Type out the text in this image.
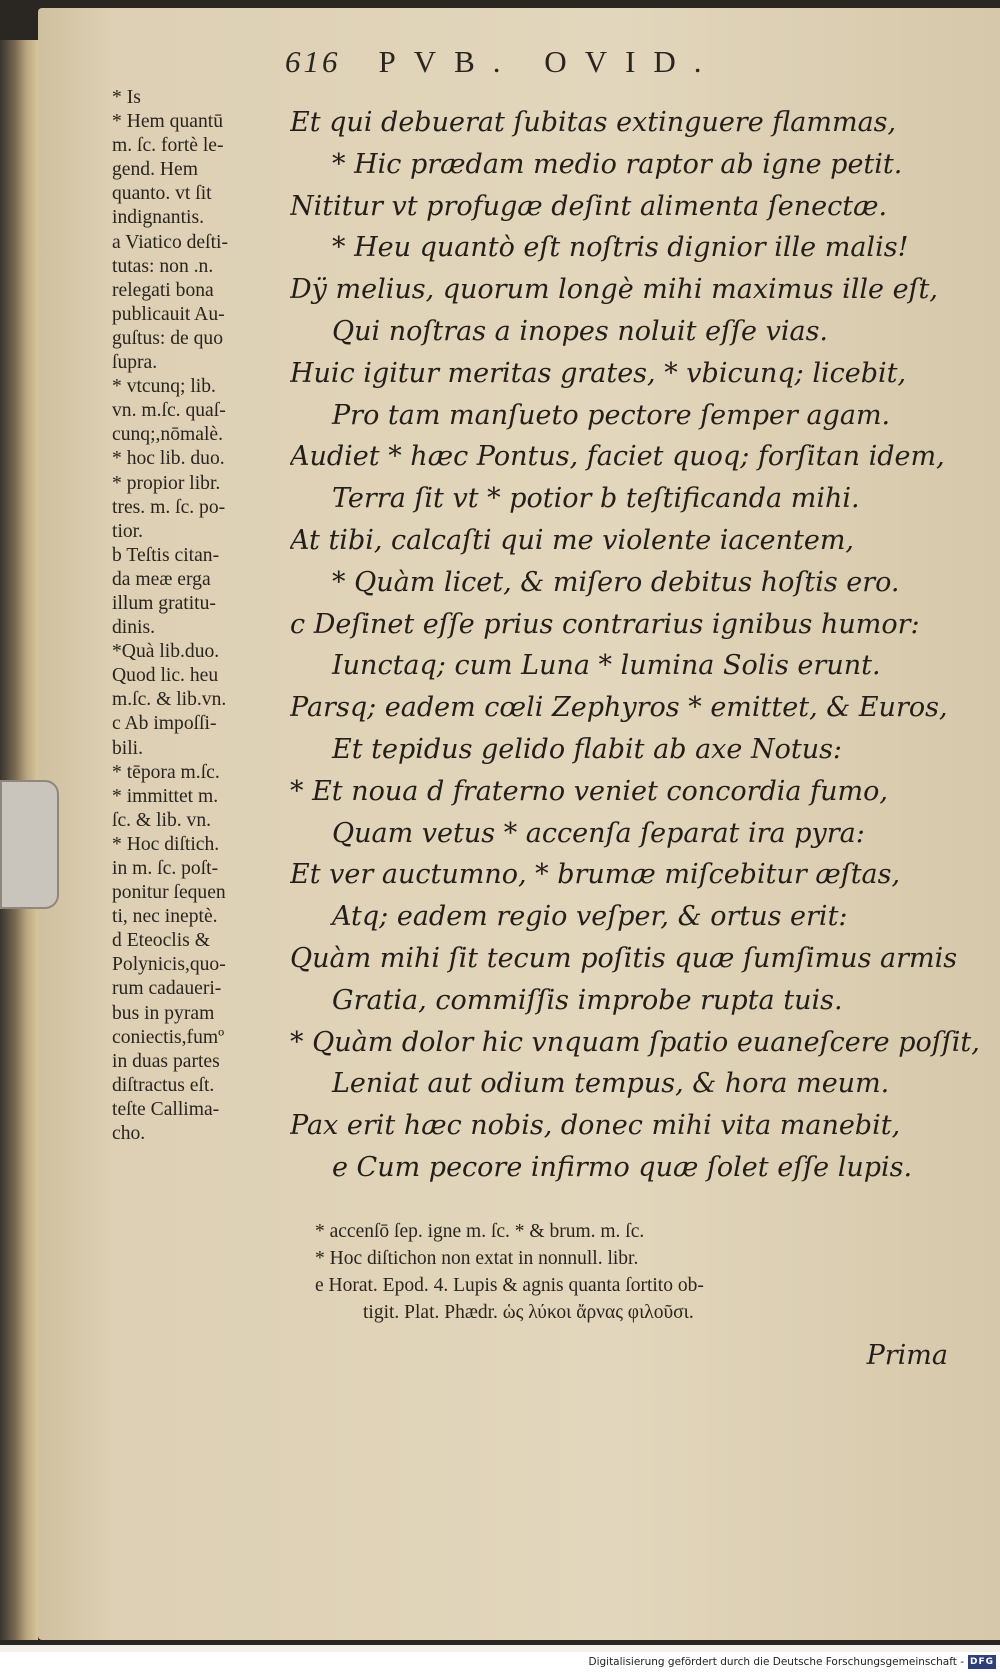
616 PVB. OVID.
* Is
* Hem quantū
m. ſc. fortè le-
gend. Hem
quanto. vt ſit
indignantis.
a Viatico deſti-
tutas: non .n.
relegati bona
publicauit Au-
guſtus: de quo
ſupra.
* vtcunq; lib.
vn. m.ſc. quaſ-
cunq;,nōmalè.
* hoc lib. duo.
* propior libr.
tres. m. ſc. po-
tior.
b Teſtis citan-
da meæ erga
illum gratitu-
dinis.
*Quà lib.duo.
Quod lic. heu
m.ſc. & lib.vn.
c Ab impoſſi-
bili.
* tēpora m.ſc.
* immittet m.
ſc. & lib. vn.
* Hoc diſtich.
in m. ſc. poſt-
ponitur ſequen
ti, nec ineptè.
d Eteoclis &
Polynicis,quo-
rum cadaueri-
bus in pyram
coniectis,fumº
in duas partes
diſtractus eſt.
teſte Callima-
cho.
Et qui debuerat ſubitas extinguere flammas,
* Hic prædam medio raptor ab igne petit.
Nititur vt profugæ deſint alimenta ſenectæ.
* Heu quantò eſt noſtris dignior ille malis!
Dÿ melius, quorum longè mihi maximus ille eſt,
Qui noſtras a inopes noluit eſſe vias.
Huic igitur meritas grates, * vbicunq; licebit,
Pro tam manſueto pectore ſemper agam.
Audiet * hæc Pontus, faciet quoq; forſitan idem,
Terra ſit vt * potior b teſtificanda mihi.
At tibi, calcaſti qui me violente iacentem,
* Quàm licet, & miſero debitus hoſtis ero.
c Deſinet eſſe prius contrarius ignibus humor:
Iunctaq; cum Luna * lumina Solis erunt.
Parsq; eadem cœli Zephyros * emittet, & Euros,
Et tepidus gelido flabit ab axe Notus:
* Et noua d fraterno veniet concordia fumo,
Quam vetus * accenſa ſeparat ira pyra:
Et ver auctumno, * brumæ miſcebitur æſtas,
Atq; eadem regio veſper, & ortus erit:
Quàm mihi ſit tecum poſitis quæ ſumſimus armis
Gratia, commiſſis improbe rupta tuis.
* Quàm dolor hic vnquam ſpatio euaneſcere poſſit,
Leniat aut odium tempus, & hora meum.
Pax erit hæc nobis, donec mihi vita manebit,
e Cum pecore infirmo quæ ſolet eſſe lupis.
* accenſō ſep. igne m. ſc. * & brum. m. ſc.
* Hoc diſtichon non extat in nonnull. libr.
e Horat. Epod. 4. Lupis & agnis quanta ſortito ob-
tigit. Plat. Phædr. ὡς λύκοι ἄρνας φιλοῦσι.
Prima
Digitalisierung gefördert durch die Deutsche Forschungsgemeinschaft - DFG
